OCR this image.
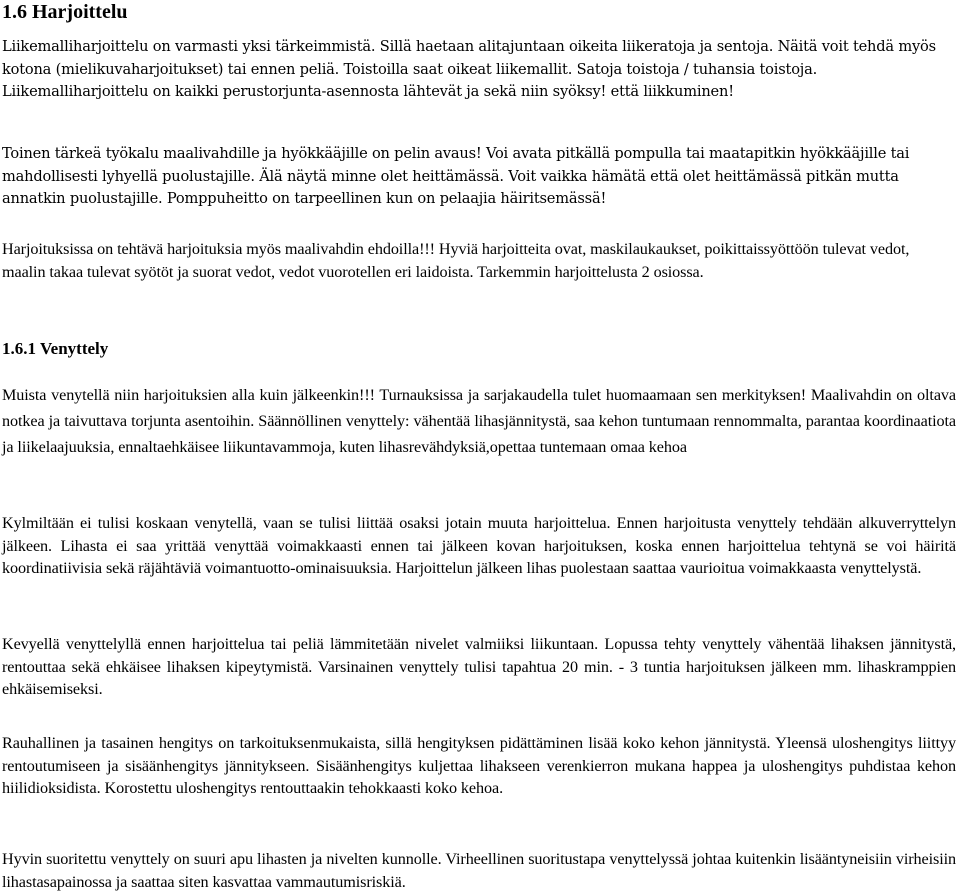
1.6 Harjoittelu

Liikemalliharjoittelu on varmasti yksi tärkeimmistä. Sillä haetaan alitajuntaan oikeita liikeratoja ja sentoja. Näitä voit tehdä myös kotona (mielikuvaharjoitukset) tai ennen peliä. Toistoilla saat oikeat liikemallit. Satoja toistoja / tuhansia toistoja. Liikemalliharjoittelu on kaikki perustorjunta-asennosta lähtevät ja sekä niin syöksy! että liikkuminen!

Toinen tärkeä työkalu maalivahdille ja hyökkääjille on pelin avaus! Voi avata pitkällä pompulla tai maatapitkin hyökkääjille tai mahdollisesti lyhyellä puolustajille. Älä näytä minne olet heittämässä. Voit vaikka hämätä että olet heittämässä pitkän mutta annatkin puolustajille. Pomppuheitto on tarpeellinen kun on pelaajia häiritsemässä!

Harjoituksissa on tehtävä harjoituksia myös maalivahdin ehdoilla!!! Hyviä harjoitteita ovat, maskilaukaukset, poikittaissyöttöön tulevat vedot, maalin takaa tulevat syötöt ja suorat vedot, vedot vuorotellen eri laidoista. Tarkemmin harjoittelusta 2 osiossa.

1.6.1 Venyttely

Muista venytellä niin harjoituksien alla kuin jälkeenkin!!! Turnauksissa ja sarjakaudella tulet huomaamaan sen merkityksen! Maalivahdin on oltava notkea ja taivuttava torjunta asentoihin. Säännöllinen venyttely: vähentää lihasjännitystä, saa kehon tuntumaan rennommalta, parantaa koordinaatiota ja liikelaajuuksia, ennaltaehkäisee liikuntavammoja, kuten lihasrevähdyksiä,opettaa tuntemaan omaa kehoa

Kylmiltään ei tulisi koskaan venytellä, vaan se tulisi liittää osaksi jotain muuta harjoittelua. Ennen harjoitusta venyttely tehdään alkuverryttelyn jälkeen. Lihasta ei saa yrittää venyttää voimakkaasti ennen tai jälkeen kovan harjoituksen, koska ennen harjoittelua tehtynä se voi häiritä koordinatiivisia sekä räjähtäviä voimantuotto-ominaisuuksia. Harjoittelun jälkeen lihas puolestaan saattaa vaurioitua voimakkaasta venyttelystä.

Kevyellä venyttelyllä ennen harjoittelua tai peliä lämmitetään nivelet valmiiksi liikuntaan. Lopussa tehty venyttely vähentää lihaksen jännitystä, rentouttaa sekä ehkäisee lihaksen kipeytymistä. Varsinainen venyttely tulisi tapahtua 20 min. - 3 tuntia harjoituksen jälkeen mm. lihaskramppien ehkäisemiseksi.

Rauhallinen ja tasainen hengitys on tarkoituksenmukaista, sillä hengityksen pidättäminen lisää koko kehon jännitystä. Yleensä uloshengitys liittyy rentoutumiseen ja sisäänhengitys jännitykseen. Sisäänhengitys kuljettaa lihakseen verenkierron mukana happea ja uloshengitys puhdistaa kehon hiilidioksidista. Korostettu uloshengitys rentouttaakin tehokkaasti koko kehoa.

Hyvin suoritettu venyttely on suuri apu lihasten ja nivelten kunnolle. Virheellinen suoritustapa venyttelyssä johtaa kuitenkin lisääntyneisiin virheisiin lihastasapainossa ja saattaa siten kasvattaa vammautumisriskiä.
